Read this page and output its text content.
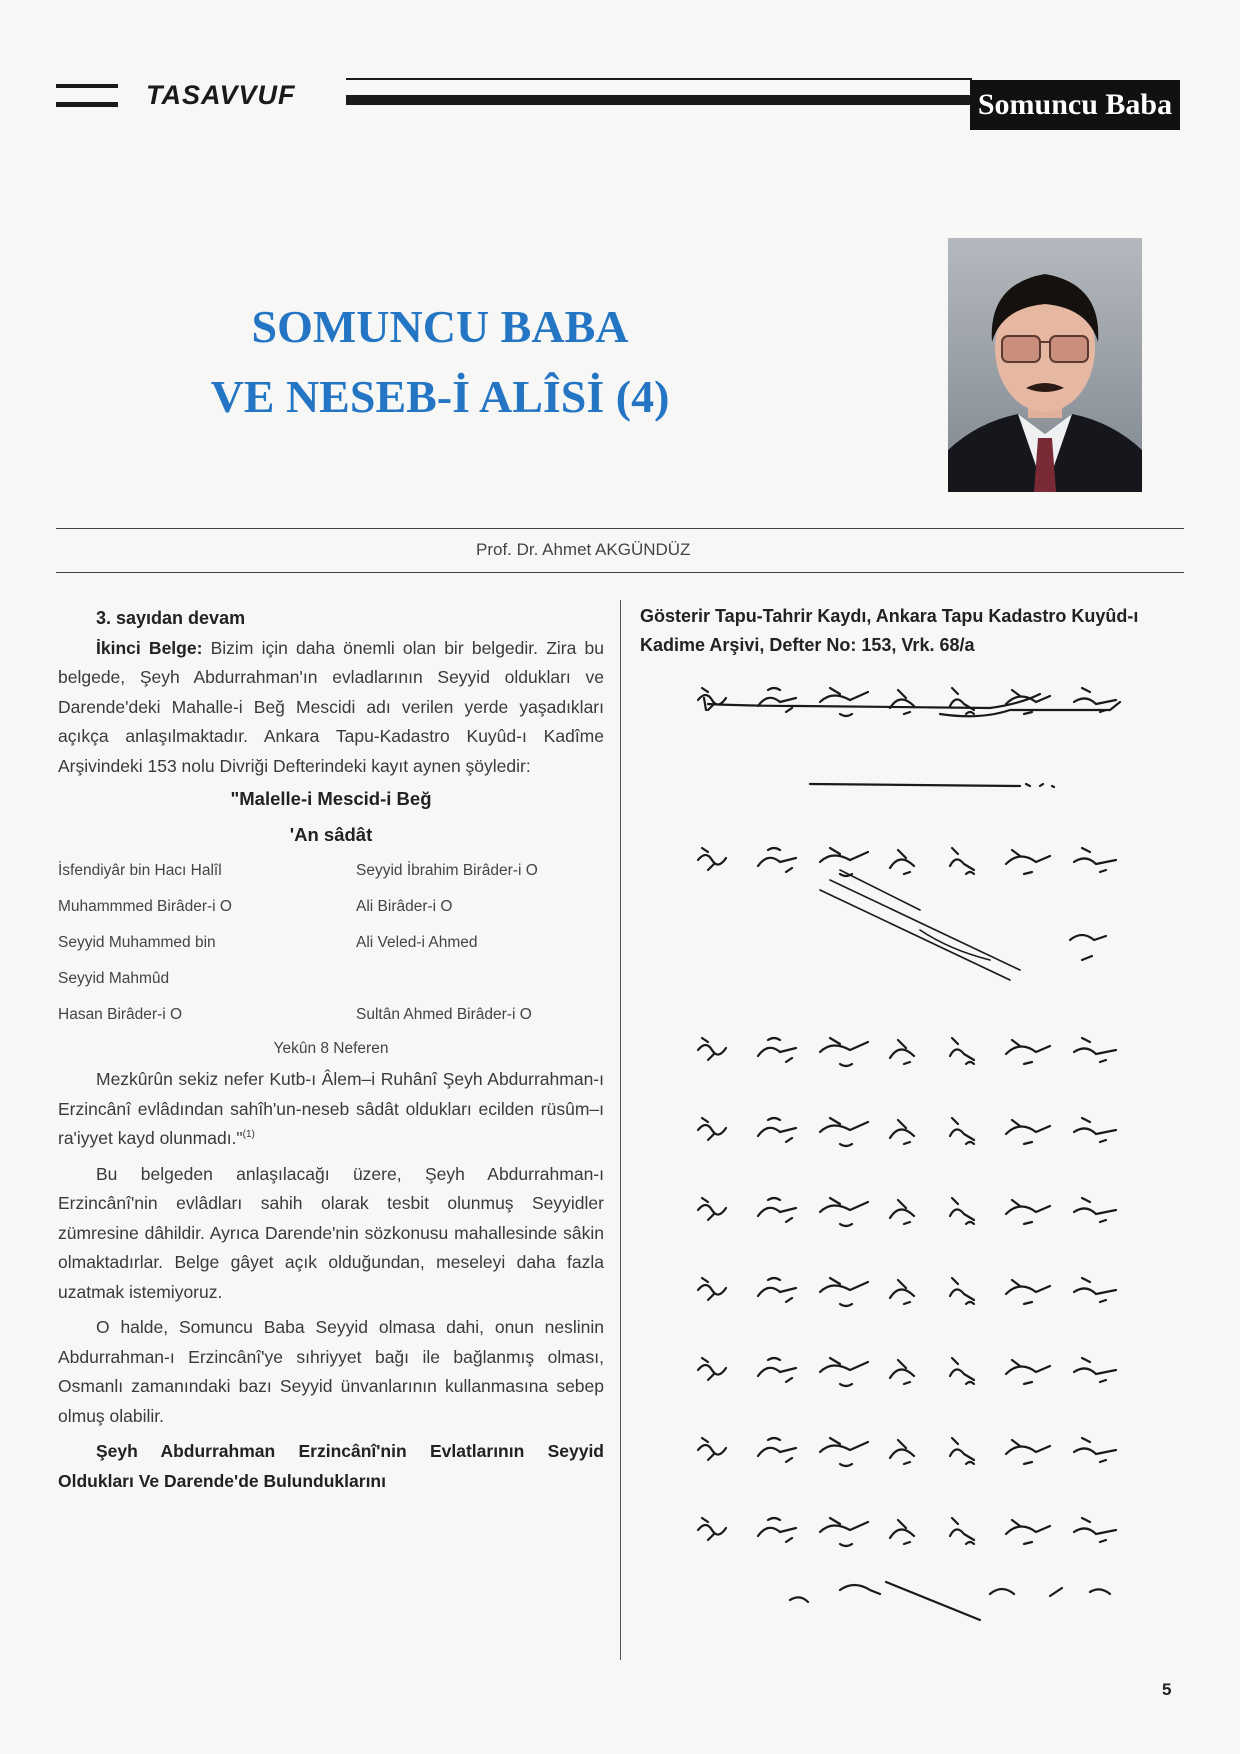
TASAVVUF	Somuncu Baba
SOMUNCU BABA
VE NESEB-İ ALÎSİ (4)
Prof. Dr. Ahmet AKGÜNDÜZ
3. sayıdan devam

İkinci Belge: Bizim için daha önemli olan bir belgedir. Zira bu belgede, Şeyh Abdurrahman'ın evladlarının Seyyid oldukları ve Darende'deki Mahalle-i Beğ Mescidi adı verilen yerde yaşadıkları açıkça anlaşılmaktadır. Ankara Tapu-Kadastro Kuyûd-ı Kadîme Arşivindeki 153 nolu Divriği Defterindeki kayıt aynen şöyledir:

"Malelle-i Mescid-i Beğ
'An sâdât
İsfendiyâr bin Hacı Halîl	Seyyid İbrahim Birâder-i O
Muhammmed Birâder-i O	Ali Birâder-i O
Seyyid Muhammed bin	Ali Veled-i Ahmed
Seyyid Mahmûd
Hasan Birâder-i O	Sultân Ahmed Birâder-i O
Yekûn 8 Neferen

Mezkûrûn sekiz nefer Kutb-ı Âlem–i Ruhânî Şeyh Abdurrahman-ı Erzincânî evlâdından sahîh'un-neseb sâdât oldukları ecilden rüsûm–ı ra'iyyet kayd olunmadı."$^{(1)}$

Bu belgeden anlaşılacağı üzere, Şeyh Abdurrahman-ı Erzincânî'nin evlâdları sahih olarak tesbit olunmuş Seyyidler zümresine dâhildir. Ayrıca Darende'nin sözkonusu mahallesinde sâkin olmaktadırlar. Belge gâyet açık olduğundan, meseleyi daha fazla uzatmak istemiyoruz.

O halde, Somuncu Baba Seyyid olmasa dahi, onun neslinin Abdurrahman-ı Erzincânî'ye sıhriyyet bağı ile bağlanmış olması, Osmanlı zamanındaki bazı Seyyid ünvanlarının kullanmasına sebep olmuş olabilir.

Şeyh Abdurrahman Erzincânî'nin Evlatlarının Seyyid Oldukları Ve Darende'de Bulunduklarını

Gösterir Tapu-Tahrir Kaydı, Ankara Tapu Kadastro Kuyûd-ı Kadime Arşivi, Defter No: 153, Vrk. 68/a
5
